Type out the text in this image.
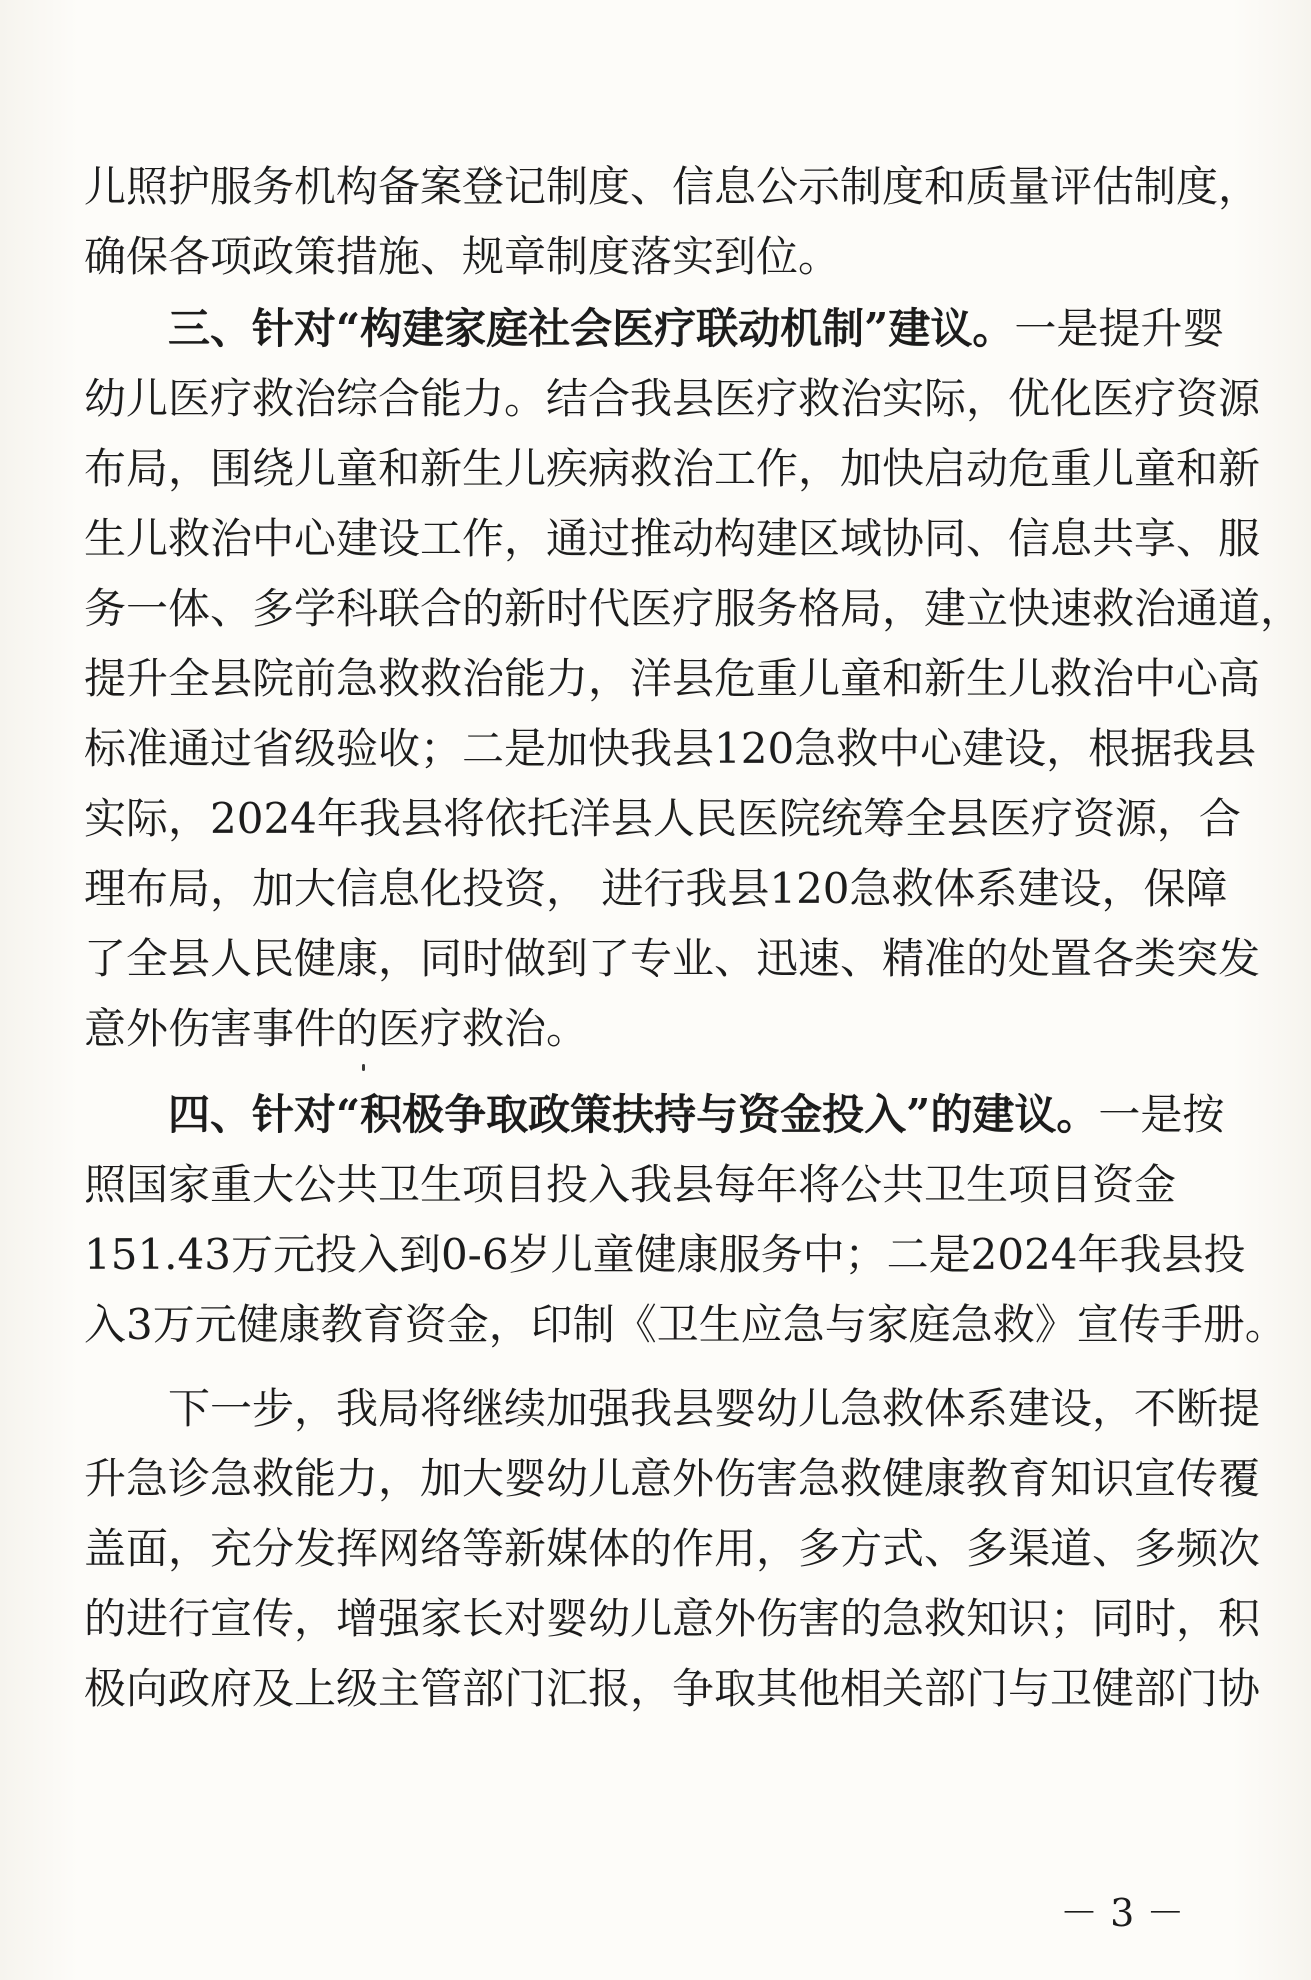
儿照护服务机构备案登记制度、信息公示制度和质量评估制度，
确保各项政策措施、规章制度落实到位。
三、针对“构建家庭社会医疗联动机制”建议。一是提升婴
幼儿医疗救治综合能力。结合我县医疗救治实际，优化医疗资源
布局，围绕儿童和新生儿疾病救治工作，加快启动危重儿童和新
生儿救治中心建设工作，通过推动构建区域协同、信息共享、服
务一体、多学科联合的新时代医疗服务格局，建立快速救治通道，
提升全县院前急救救治能力，洋县危重儿童和新生儿救治中心高
标准通过省级验收；二是加快我县120急救中心建设，根据我县
实际，2024年我县将依托洋县人民医院统筹全县医疗资源，合
理布局，加大信息化投资， 进行我县120急救体系建设，保障
了全县人民健康，同时做到了专业、迅速、精准的处置各类突发
意外伤害事件的医疗救治。
四、针对“积极争取政策扶持与资金投入”的建议。一是按
照国家重大公共卫生项目投入我县每年将公共卫生项目资金
151.43万元投入到0-6岁儿童健康服务中；二是2024年我县投
入3万元健康教育资金，印制《卫生应急与家庭急救》宣传手册。
下一步，我局将继续加强我县婴幼儿急救体系建设，不断提
升急诊急救能力，加大婴幼儿意外伤害急救健康教育知识宣传覆
盖面，充分发挥网络等新媒体的作用，多方式、多渠道、多频次
的进行宣传，增强家长对婴幼儿意外伤害的急救知识；同时，积
极向政府及上级主管部门汇报，争取其他相关部门与卫健部门协
－ 3 －
